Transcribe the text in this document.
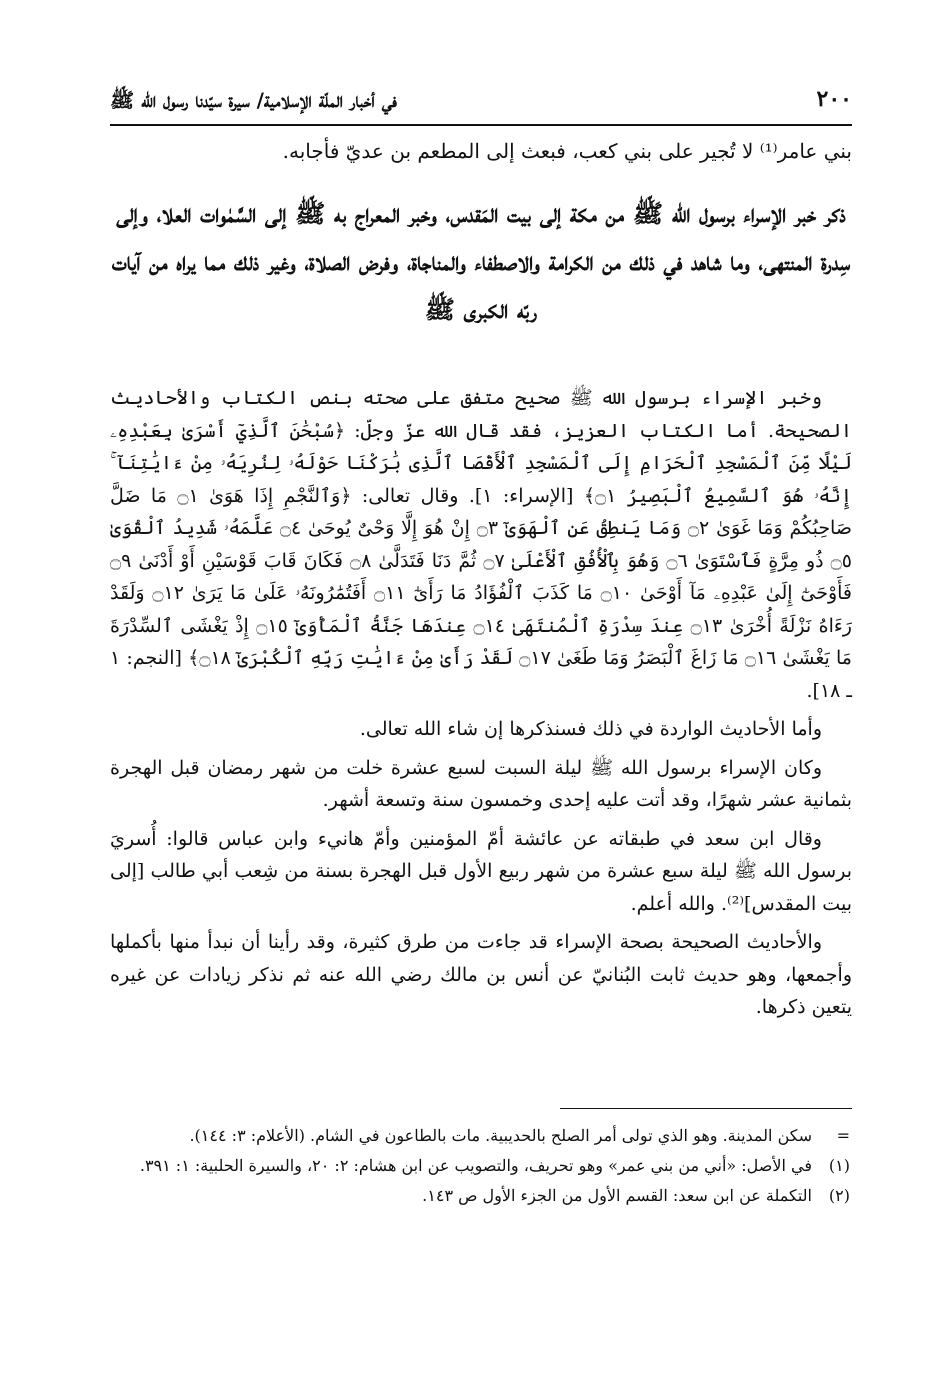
٢٠٠
في أخبار الملّة الإسلامية/ سيرة سيّدنا رسول الله ﷺ
بني عامر⁽¹⁾ لا تُجير على بني كعب، فبعث إلى المطعم بن عديّ فأجابه.
ذكر خبر الإسراء برسول الله ﷺ من مكة إلى بيت المَقدس، وخبر المعراج به ﷺ إلى السَّمٰوات العلا، وإلى سِدرة المنتهى، وما شاهد في ذلك من الكرامة والاصطفاء والمناجاة، وفرض الصلاة، وغير ذلك مما يراه من آيات ربّه الكبرى ﷺ

وخبر الإسراء برسول الله ﷺ صحيح متفق على صحته بنص الكتاب والأحاديث الصحيحة. أما الكتاب العزيز، فقد قال الله عزّ وجلّ: ﴿سُبْحَٰنَ ٱلَّذِيٓ أَسْرَىٰ بِعَبْدِهِۦ لَيْلًا مِّنَ ٱلْمَسْجِدِ ٱلْحَرَامِ إِلَى ٱلْمَسْجِدِ ٱلْأَقْصَا ٱلَّذِى بَٰرَكْنَا حَوْلَهُۥ لِنُرِيَهُۥ مِنْ ءَايَٰتِنَآ ۚ إِنَّهُۥ هُوَ ٱلسَّمِيعُ ٱلْبَصِيرُ ۝١﴾ [الإسراء: ١]. وقال تعالى: ﴿وَٱلنَّجْمِ إِذَا هَوَىٰ ۝١ مَا ضَلَّ صَاحِبُكُمْ وَمَا غَوَىٰ ۝٢ وَمَا يَنطِقُ عَنِ ٱلْهَوَىٰٓ ۝٣ إِنْ هُوَ إِلَّا وَحْىٌ يُوحَىٰ ۝٤ عَلَّمَهُۥ شَدِيدُ ٱلْقُوَىٰ ۝٥ ذُو مِرَّةٍ فَٱسْتَوَىٰ ۝٦ وَهُوَ بِٱلْأُفُقِ ٱلْأَعْلَىٰ ۝٧ ثُمَّ دَنَا فَتَدَلَّىٰ ۝٨ فَكَانَ قَابَ قَوْسَيْنِ أَوْ أَدْنَىٰ ۝٩ فَأَوْحَىٰٓ إِلَىٰ عَبْدِهِۦ مَآ أَوْحَىٰ ۝١٠ مَا كَذَبَ ٱلْفُؤَادُ مَا رَأَىٰٓ ۝١١ أَفَتُمَٰرُونَهُۥ عَلَىٰ مَا يَرَىٰ ۝١٢ وَلَقَدْ رَءَاهُ نَزْلَةً أُخْرَىٰ ۝١٣ عِندَ سِدْرَةِ ٱلْمُنتَهَىٰ ۝١٤ عِندَهَا جَنَّةُ ٱلْمَأْوَىٰٓ ۝١٥ إِذْ يَغْشَى ٱلسِّدْرَةَ مَا يَغْشَىٰ ۝١٦ مَا زَاغَ ٱلْبَصَرُ وَمَا طَغَىٰ ۝١٧ لَقَدْ رَأَىٰ مِنْ ءَايَٰتِ رَبِّهِ ٱلْكُبْرَىٰٓ ۝١٨﴾ [النجم: ١ ـ ١٨].

وأما الأحاديث الواردة في ذلك فسنذكرها إن شاء الله تعالى.

وكان الإسراء برسول الله ﷺ ليلة السبت لسبع عشرة خلت من شهر رمضان قبل الهجرة بثمانية عشر شهرًا، وقد أتت عليه إحدى وخمسون سنة وتسعة أشهر.

وقال ابن سعد في طبقاته عن عائشة أمّ المؤمنين وأمّ هانيء وابن عباس قالوا: أُسريَ برسول الله ﷺ ليلة سبع عشرة من شهر ربيع الأول قبل الهجرة بسنة من شِعب أبي طالب [إلى بيت المقدس]⁽²⁾. والله أعلم.

والأحاديث الصحيحة بصحة الإسراء قد جاءت من طرق كثيرة، وقد رأينا أن نبدأ منها بأكملها وأجمعها، وهو حديث ثابت البُنانيّ عن أنس بن مالك رضي الله عنه ثم نذكر زيادات عن غيره يتعين ذكرها.

=
سكن المدينة. وهو الذي تولى أمر الصلح بالحديبية. مات بالطاعون في الشام. (الأعلام: ٣: ١٤٤).
(١)
في الأصل: «أني من بني عمر» وهو تحريف، والتصويب عن ابن هشام: ٢: ٢٠، والسيرة الحلبية: ١: ٣٩١.
(٢)
التكملة عن ابن سعد: القسم الأول من الجزء الأول ص ١٤٣.
